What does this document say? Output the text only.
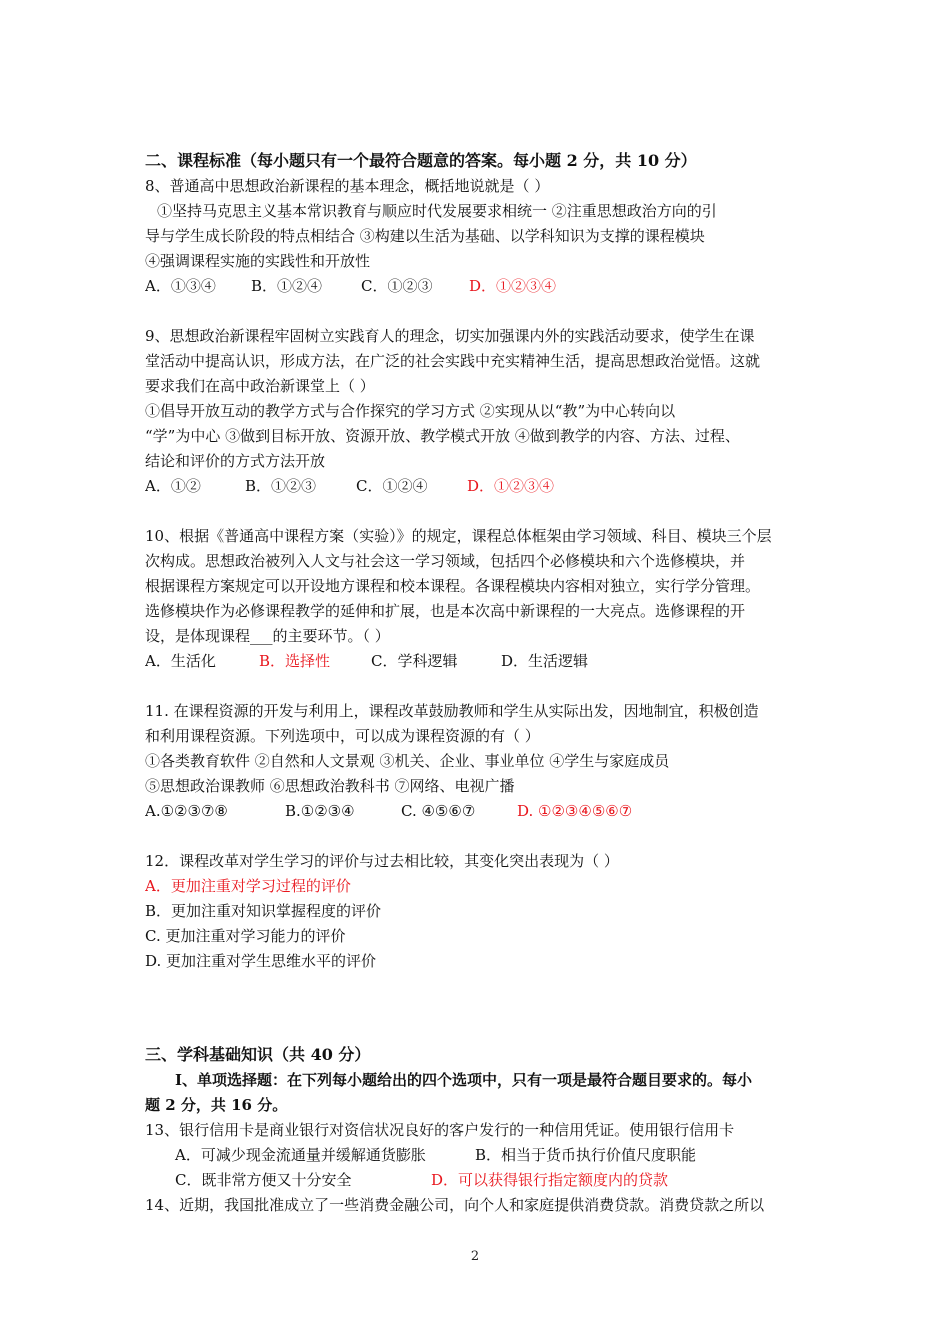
二、课程标准（每小题只有一个最符合题意的答案。每小题 2 分，共 10 分）
8、普通高中思想政治新课程的基本理念，概括地说就是（ ）
①坚持马克思主义基本常识教育与顺应时代发展要求相统一 ②注重思想政治方向的引
导与学生成长阶段的特点相结合 ③构建以生活为基础、以学科知识为支撑的课程模块
④强调课程实施的实践性和开放性
A．①③④ B．①②④	C．①②③ D．①②③④
9、思想政治新课程牢固树立实践育人的理念，切实加强课内外的实践活动要求，使学生在课
堂活动中提高认识，形成方法，在广泛的社会实践中充实精神生活，提高思想政治觉悟。这就
要求我们在高中政治新课堂上（ ）
①倡导开放互动的教学方式与合作探究的学习方式 ②实现从以“教”为中心转向以
“学”为中心 ③做到目标开放、资源开放、教学模式开放 ④做到教学的内容、方法、过程、
结论和评价的方式方法开放
A．①②	B．①②③	C．①②④	D．①②③④
10、根据《普通高中课程方案（实验）》的规定，课程总体框架由学习领域、科目、模块三个层
次构成。思想政治被列入人文与社会这一学习领域，包括四个必修模块和六个选修模块，并
根据课程方案规定可以开设地方课程和校本课程。各课程模块内容相对独立，实行学分管理。
选修模块作为必修课程教学的延伸和扩展，也是本次高中新课程的一大亮点。选修课程的开
设，是体现课程___的主要环节。（ ）
A．生活化	B．选择性	C．学科逻辑	D．生活逻辑
11. 在课程资源的开发与利用上，课程改革鼓励教师和学生从实际出发，因地制宜，积极创造
和利用课程资源。下列选项中，可以成为课程资源的有（ ）
①各类教育软件 ②自然和人文景观 ③机关、企业、事业单位 ④学生与家庭成员
⑤思想政治课教师 ⑥思想政治教科书 ⑦网络、电视广播
A.①②③⑦⑧	B.①②③④	C. ④⑤⑥⑦	D. ①②③④⑤⑥⑦
12．课程改革对学生学习的评价与过去相比较，其变化突出表现为（ ）
A．更加注重对学习过程的评价
B．更加注重对知识掌握程度的评价
C. 更加注重对学习能力的评价
D. 更加注重对学生思维水平的评价
三、学科基础知识（共 40 分）
Ⅰ、单项选择题：在下列每小题给出的四个选项中，只有一项是最符合题目要求的。每小
题 2 分，共 16 分。
13、银行信用卡是商业银行对资信状况良好的客户发行的一种信用凭证。使用银行信用卡
A．可减少现金流通量并缓解通货膨胀	B．相当于货币执行价值尺度职能
C．既非常方便又十分安全	D．可以获得银行指定额度内的贷款
14、近期，我国批准成立了一些消费金融公司，向个人和家庭提供消费贷款。消费贷款之所以
2
